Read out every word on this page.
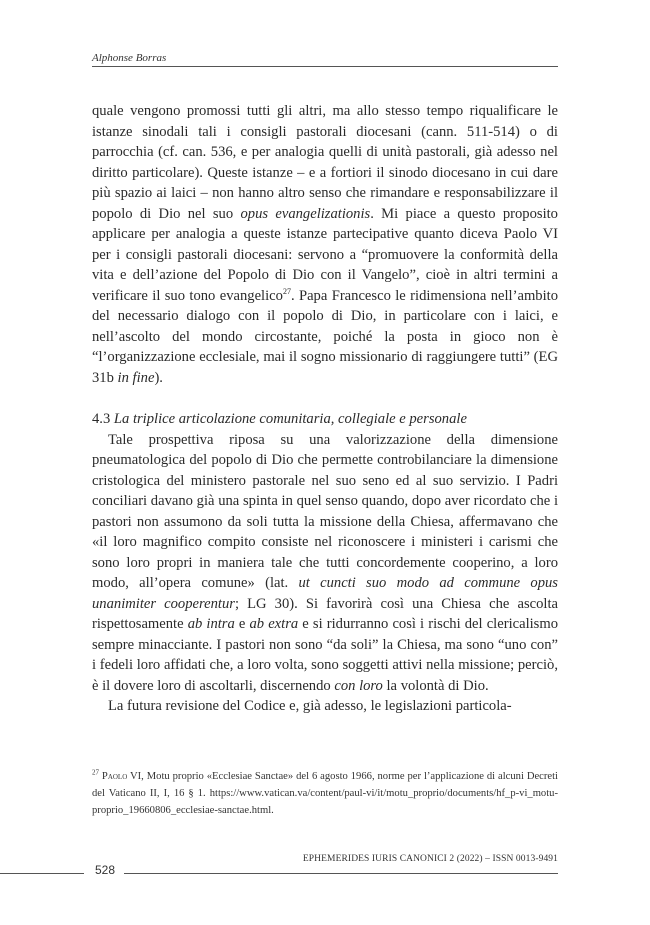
Alphonse Borras

quale vengono promossi tutti gli altri, ma allo stesso tempo riqualificare le istanze sinodali tali i consigli pastorali diocesani (cann. 511-514) o di parrocchia (cf. can. 536, e per analogia quelli di unità pastorali, già adesso nel diritto particolare). Queste istanze – e a fortiori il sinodo diocesano in cui dare più spazio ai laici – non hanno altro senso che rimandare e responsabilizzare il popolo di Dio nel suo opus evangelizationis. Mi piace a questo proposito applicare per analogia a queste istanze partecipative quanto diceva Paolo VI per i consigli pastorali diocesani: servono a “promuovere la conformità della vita e dell’azione del Popolo di Dio con il Vangelo”, cioè in altri termini a verificare il suo tono evangelico$^{27}$. Papa Francesco le ridimensiona nell’ambito del necessario dialogo con il popolo di Dio, in particolare con i laici, e nell’ascolto del mondo circostante, poiché la posta in gioco non è “l’organizzazione ecclesiale, mai il sogno missionario di raggiungere tutti” (EG 31b in fine).

4.3 La triplice articolazione comunitaria, collegiale e personale

Tale prospettiva riposa su una valorizzazione della dimensione pneumatologica del popolo di Dio che permette controbilanciare la dimensione cristologica del ministero pastorale nel suo seno ed al suo servizio. I Padri conciliari davano già una spinta in quel senso quando, dopo aver ricordato che i pastori non assumono da soli tutta la missione della Chiesa, affermavano che «il loro magnifico compito consiste nel riconoscere i ministeri i carismi che sono loro propri in maniera tale che tutti concordemente cooperino, a loro modo, all’opera comune» (lat. ut cuncti suo modo ad commune opus unanimiter cooperentur; LG 30). Si favorirà così una Chiesa che ascolta rispettosamente ab intra e ab extra e si ridurranno così i rischi del clericalismo sempre minacciante. I pastori non sono “da soli” la Chiesa, ma sono “uno con” i fedeli loro affidati che, a loro volta, sono soggetti attivi nella missione; perciò, è il dovere loro di ascoltarli, discernendo con loro la volontà di Dio.

La futura revisione del Codice e, già adesso, le legislazioni particola-

$^{27}$ Paolo VI, Motu proprio «Ecclesiae Sanctae» del 6 agosto 1966, norme per l’applicazione di alcuni Decreti del Vaticano II, I, 16 § 1. https://www.vatican.va/content/paul-vi/it/motu_proprio/documents/hf_p-vi_motu-proprio_19660806_ecclesiae-sanctae.html.
528
EPHEMERIDES IURIS CANONICI 2 (2022) – ISSN 0013-9491
